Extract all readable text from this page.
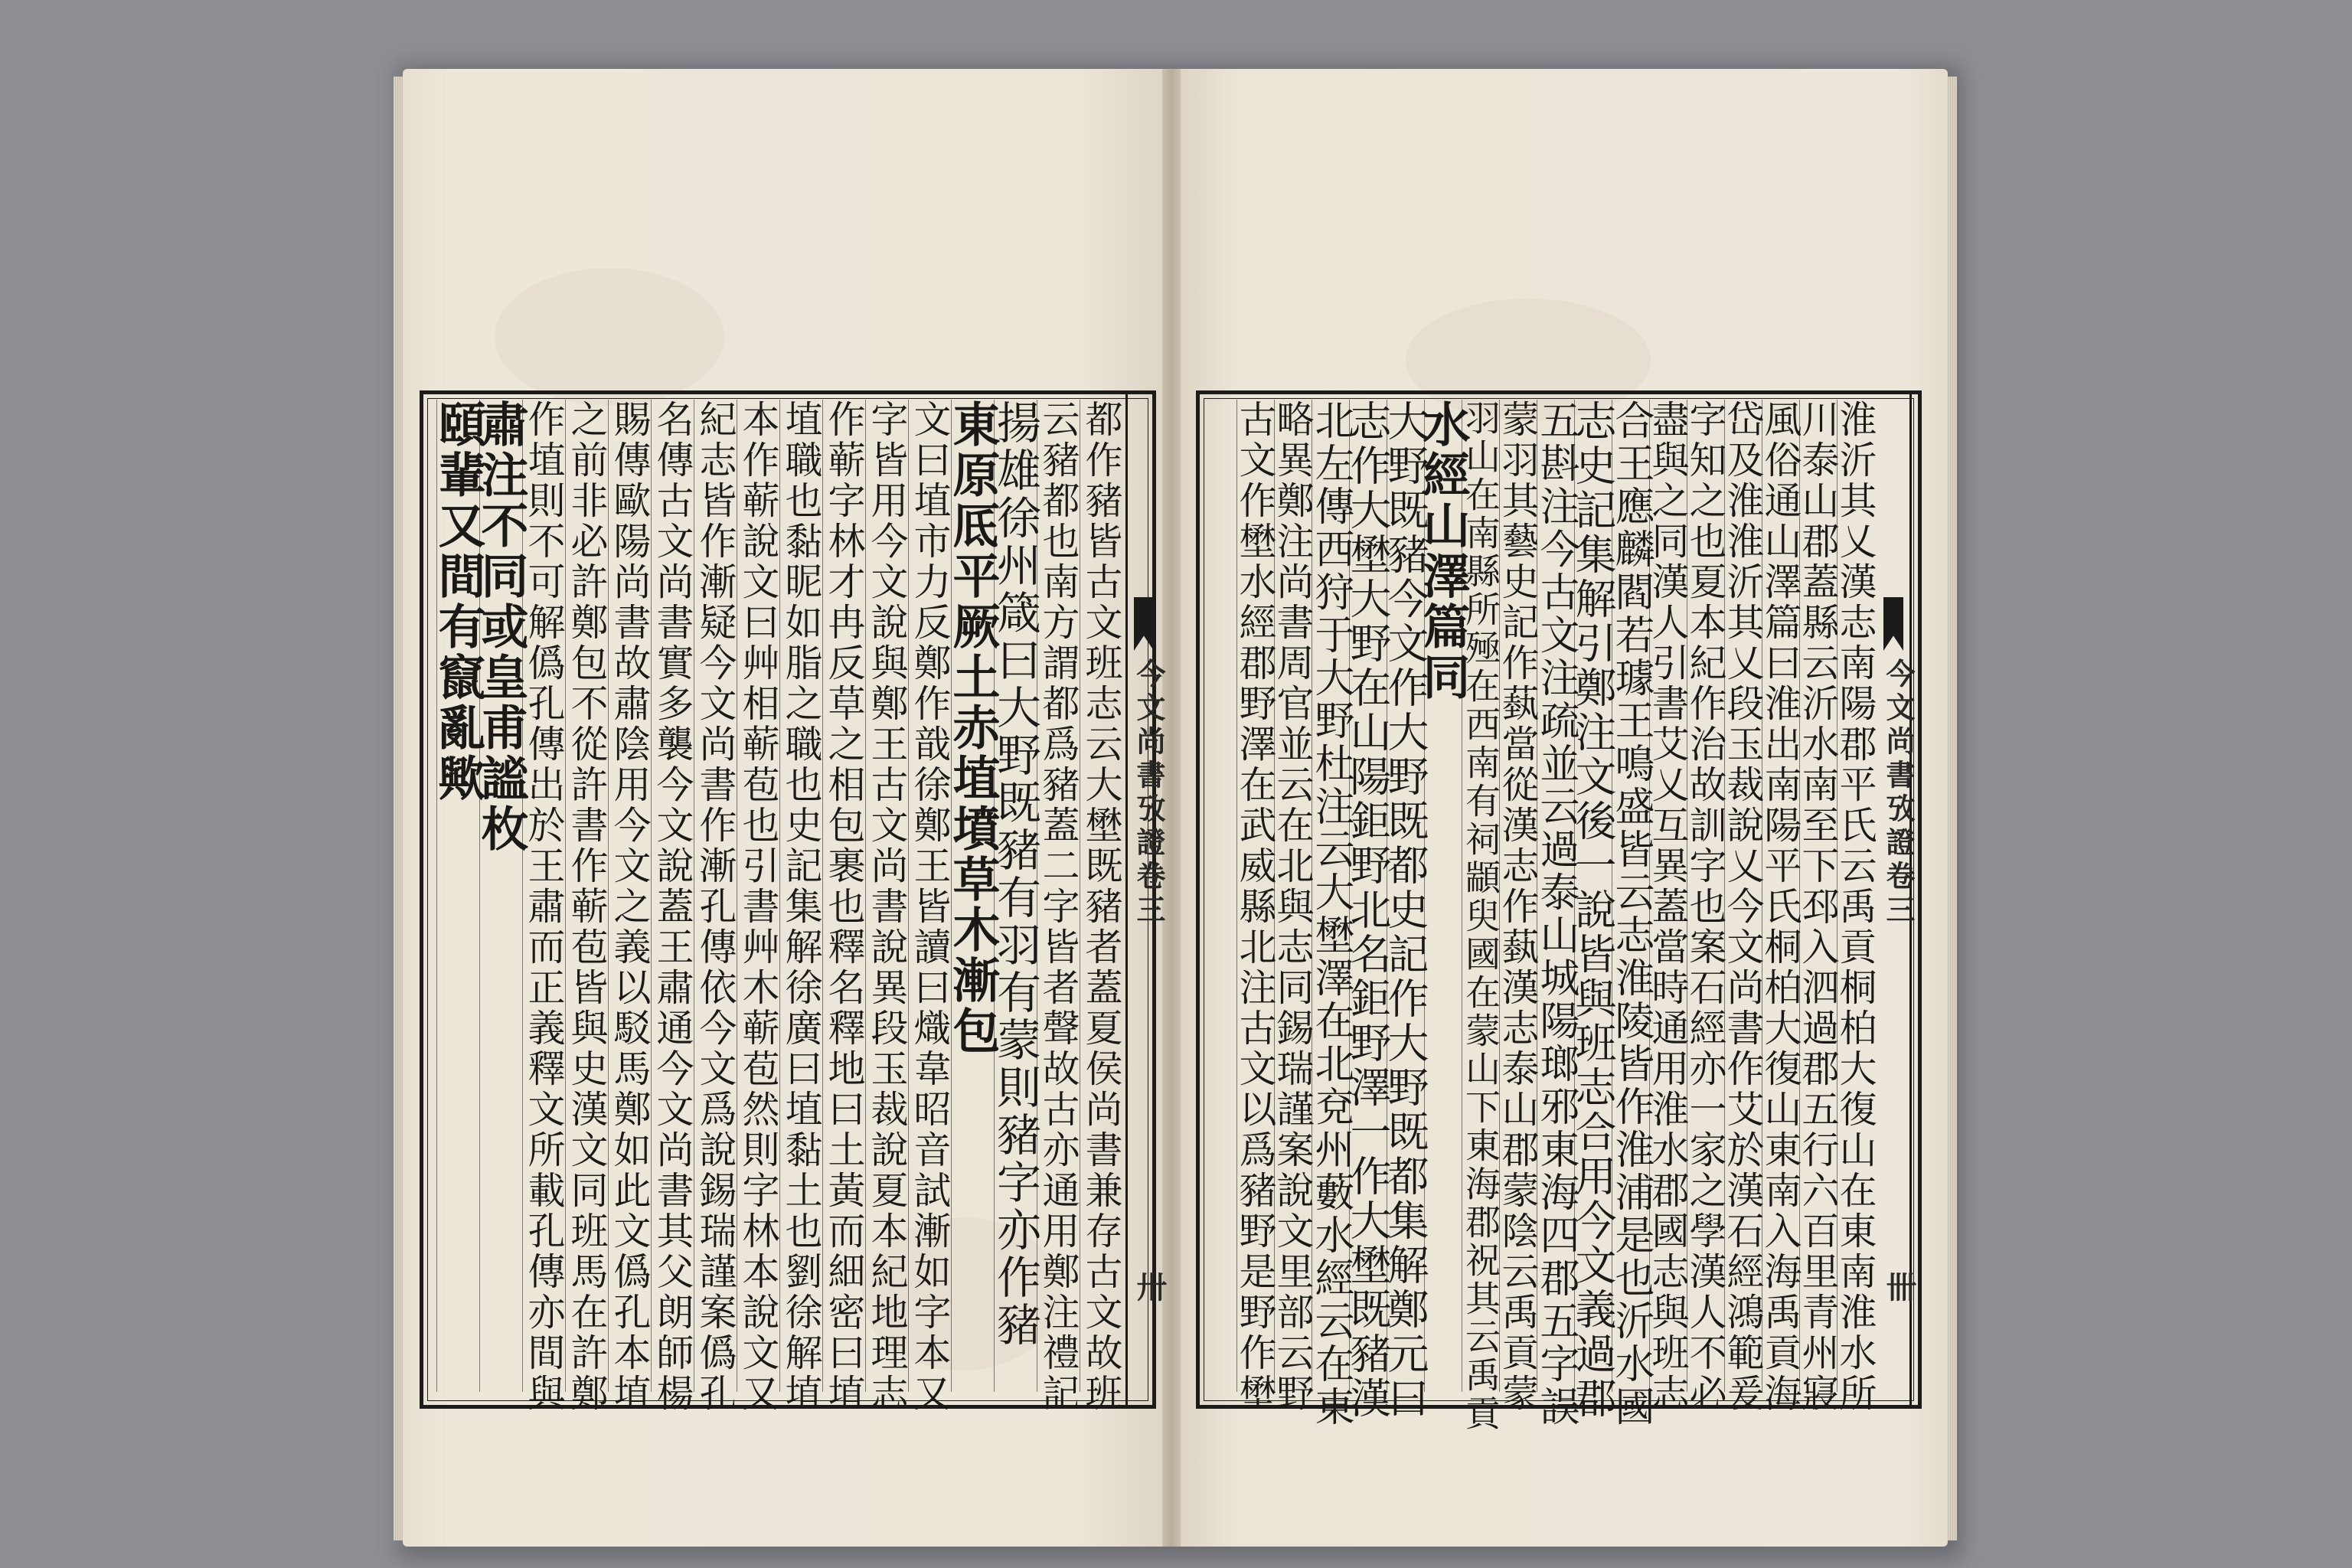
今文尚書攷證卷三
卅
今文尚書攷證卷三
卌
都作豬皆古文班志云大壄既豬者蓋夏侯尚書兼存古文故班
云豬都也南方謂都爲豬蓋二字皆者聲故古亦通用鄭注禮記
揚雄徐州箴曰大野既豬有羽有蒙則豬字亦作豬
東原厎平厥土赤埴墳草木漸包
文曰埴市力反鄭作戠徐鄭王皆讀曰熾韋昭音試漸如字本又
字皆用今文說與鄭王古文尚書說異段玉裁說夏本紀地理志
作蕲字林才冉反草之相包裹也釋名釋地曰土黃而細密曰埴
埴職也黏昵如脂之職也史記集解徐廣曰埴黏土也劉徐解埴
本作蕲說文曰艸相蕲苞也引書艸木蕲苞然則字林本說文又
紀志皆作漸疑今文尚書作漸孔傳依今文爲說錫瑞謹案僞孔
名傳古文尚書實多襲今文說蓋王肅通今文尚書其父朗師楊
賜傳歐陽尚書故肅陰用今文之義以駁馬鄭如此文僞孔本埴
之前非必許鄭包不從許書作蕲苞皆與史漢文同班馬在許鄭
作埴則不可解僞孔傳出於王肅而正義釋文所載孔傳亦間與
肅注不同或皇甫謐枚
頤輩又間有竄亂歟	淮沂其乂漢志南陽郡平氏云禹貢桐柏大復山在東南淮水所
川泰山郡蓋縣云沂水南至下邳入泗過郡五行六百里青州寢
風俗通山澤篇曰淮出南陽平氏桐柏大復山東南入海禹貢海
岱及淮淮沂其乂段玉裁說乂今文尚書作艾於漢石經鴻範爰
字知之也夏本紀作治故訓字也案石經亦一家之學漢人不必
盡與之同漢人引書艾乂互異蓋當時通用淮水郡國志與班志
合王應麟閻若璩王鳴盛皆云志淮陵皆作淮浦是也沂水國
志史記集解引鄭注文後一說皆與班志合用今文義過郡
五斟注今古文注疏並云過泰山城陽瑯邪東海四郡五字誤
蒙羽其藝史記作蓺當從漢志作蓺漢志泰山郡蒙陰云禹貢蒙
羽山在南縣所殛在西南有祠顓臾國在蒙山下東海郡祝其云禹貢
水經山澤篇同
大野既豬今文作大野既都史記作大野既都集解鄭元曰
志作大壄大野在山陽鉅野北名鉅野澤一作大壄既豬漢
北左傳西狩于大野杜注云大壄澤在北兗州藪水經云在東
略異鄭注尚書周官並云在北與志同錫瑞謹案說文里部云野
古文作壄水經郡野澤在武威縣北注古文以爲豬野是野作壄
